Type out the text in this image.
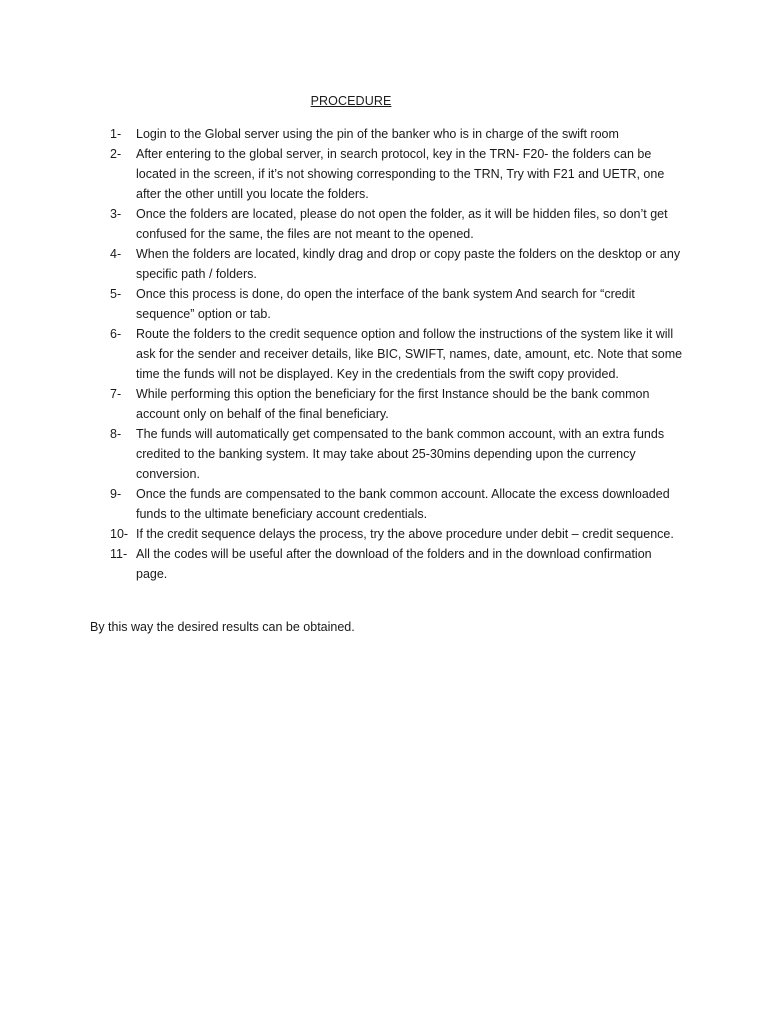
PROCEDURE
1-	Login to the Global server using the pin of the banker who is in charge of the swift room
2-	After entering to the global server, in search protocol, key in the TRN- F20- the folders can be located in the screen, if it’s not showing corresponding to the TRN, Try with F21 and UETR, one after the other untill you locate the folders.
3-	Once the folders are located, please do not open the folder, as it will be hidden files, so don’t get confused for the same, the files are not meant to the opened.
4-	When the folders are located, kindly drag and drop or copy paste the folders on the desktop or any specific path / folders.
5-	Once this process is done, do open the interface of the bank system And search for “credit sequence” option or tab.
6-	Route the folders to the credit sequence option and follow the instructions of the system like it will ask for the sender and receiver details, like BIC, SWIFT, names, date, amount, etc. Note that some time the funds will not be displayed. Key in the credentials from the swift copy provided.
7-	While performing this option the beneficiary for the first Instance should be the bank common account only on behalf of the final beneficiary.
8-	The funds will automatically get compensated to the bank common account, with an extra funds credited to the banking system. It may take about 25-30mins depending upon the currency conversion.
9-	Once the funds are compensated to the bank common account. Allocate the excess downloaded funds to the ultimate beneficiary account credentials.
10- If the credit sequence delays the process, try the above procedure under debit – credit sequence.
11- All the codes will be useful after the download of the folders and in the download confirmation page.
By this way the desired results can be obtained.
